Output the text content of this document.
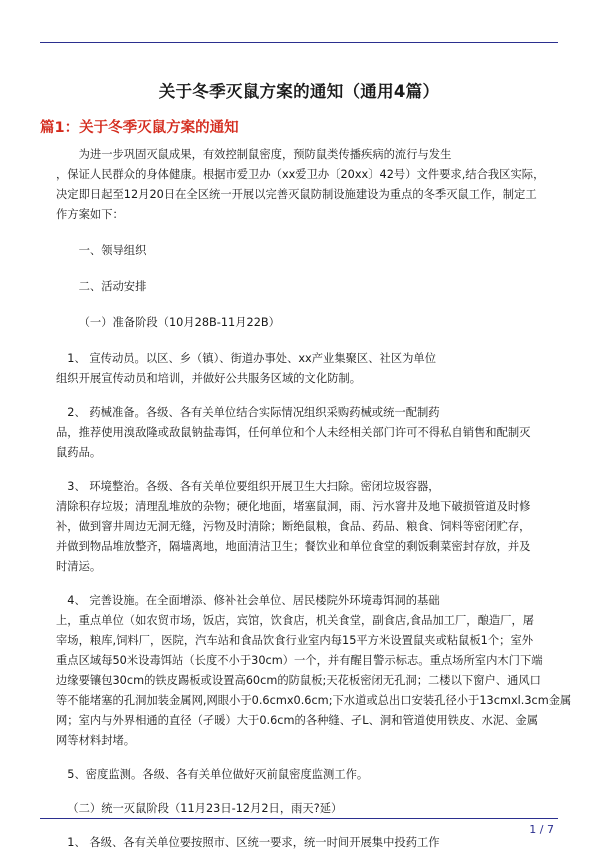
关于冬季灭鼠方案的通知（通用4篇）
篇1：关于冬季灭鼠方案的通知

为进一步巩固灭鼠成果，有效控制鼠密度，预防鼠类传播疾病的流行与发生
，保证人民群众的身体健康。根据市爱卫办（xx爱卫办〔20xx〕42号）文件要求,结合我区实际，
决定即日起至12月20日在全区统一开展以完善灭鼠防制设施建设为重点的冬季灭鼠工作，制定工
作方案如下：

一、领导组织

二、活动安排

（一）准备阶段（10月28B-11月22B）

1、 宣传动员。以区、乡（镇）、街道办事处、xx产业集聚区、社区为单位
组织开展宣传动员和培训，并做好公共服务区域的文化防制。

2、 药械准备。各级、各有关单位结合实际情况组织采购药械或统一配制药
品，推荐使用溴敌隆或敌鼠钠盐毒饵，任何单位和个人未经相关部门许可不得私自销售和配制灭
鼠药品。

3、 环境整治。各级、各有关单位要组织开展卫生大扫除。密闭垃圾容器，
清除积存垃圾；清理乱堆放的杂物；硬化地面，堵塞鼠洞，雨、污水窨井及地下破损管道及时修
补，做到窨井周边无洞无缝，污物及时清除；断绝鼠粮，食品、药品、粮食、饲料等密闭贮存，
并做到物品堆放整齐，隔墙离地，地面清洁卫生；餐饮业和单位食堂的剩饭剩菜密封存放，并及
时清运。

4、 完善设施。在全面增添、修补社会单位、居民楼院外环境毒饵洞的基础
上，重点单位（如农贸市场，饭店，宾馆，饮食店，机关食堂，副食店,食品加工厂，酿造厂，屠
宰场，粮库,饲料厂，医院，汽车站和食品饮食行业室内每15平方米设置鼠夹或粘鼠板1个；室外
重点区域每50米设毒饵站（长度不小于30cm）一个，并有醒目警示标志。重点场所室内木门下端
边缘要镶包30cm的铁皮踢板或设置高60cm的防鼠板;天花板密闭无孔洞；二楼以下窗户、通风口
等不能堵塞的孔洞加装金属网,网眼小于0.6cmx0.6cm;下水道或总出口安装孔径小于13cmxl.3cm金属
网；室内与外界相通的直径（孑暖）大于0.6cm的各种缝、孑L、洞和管道使用铁皮、水泥、金属
网等材料封堵。

5、密度监测。各级、各有关单位做好灭前鼠密度监测工作。

（二）统一灭鼠阶段（11月23日-12月2日，雨天?延）

1、 各级、各有关单位要按照市、区统一要求，统一时间开展集中投药工作

1 / 7
